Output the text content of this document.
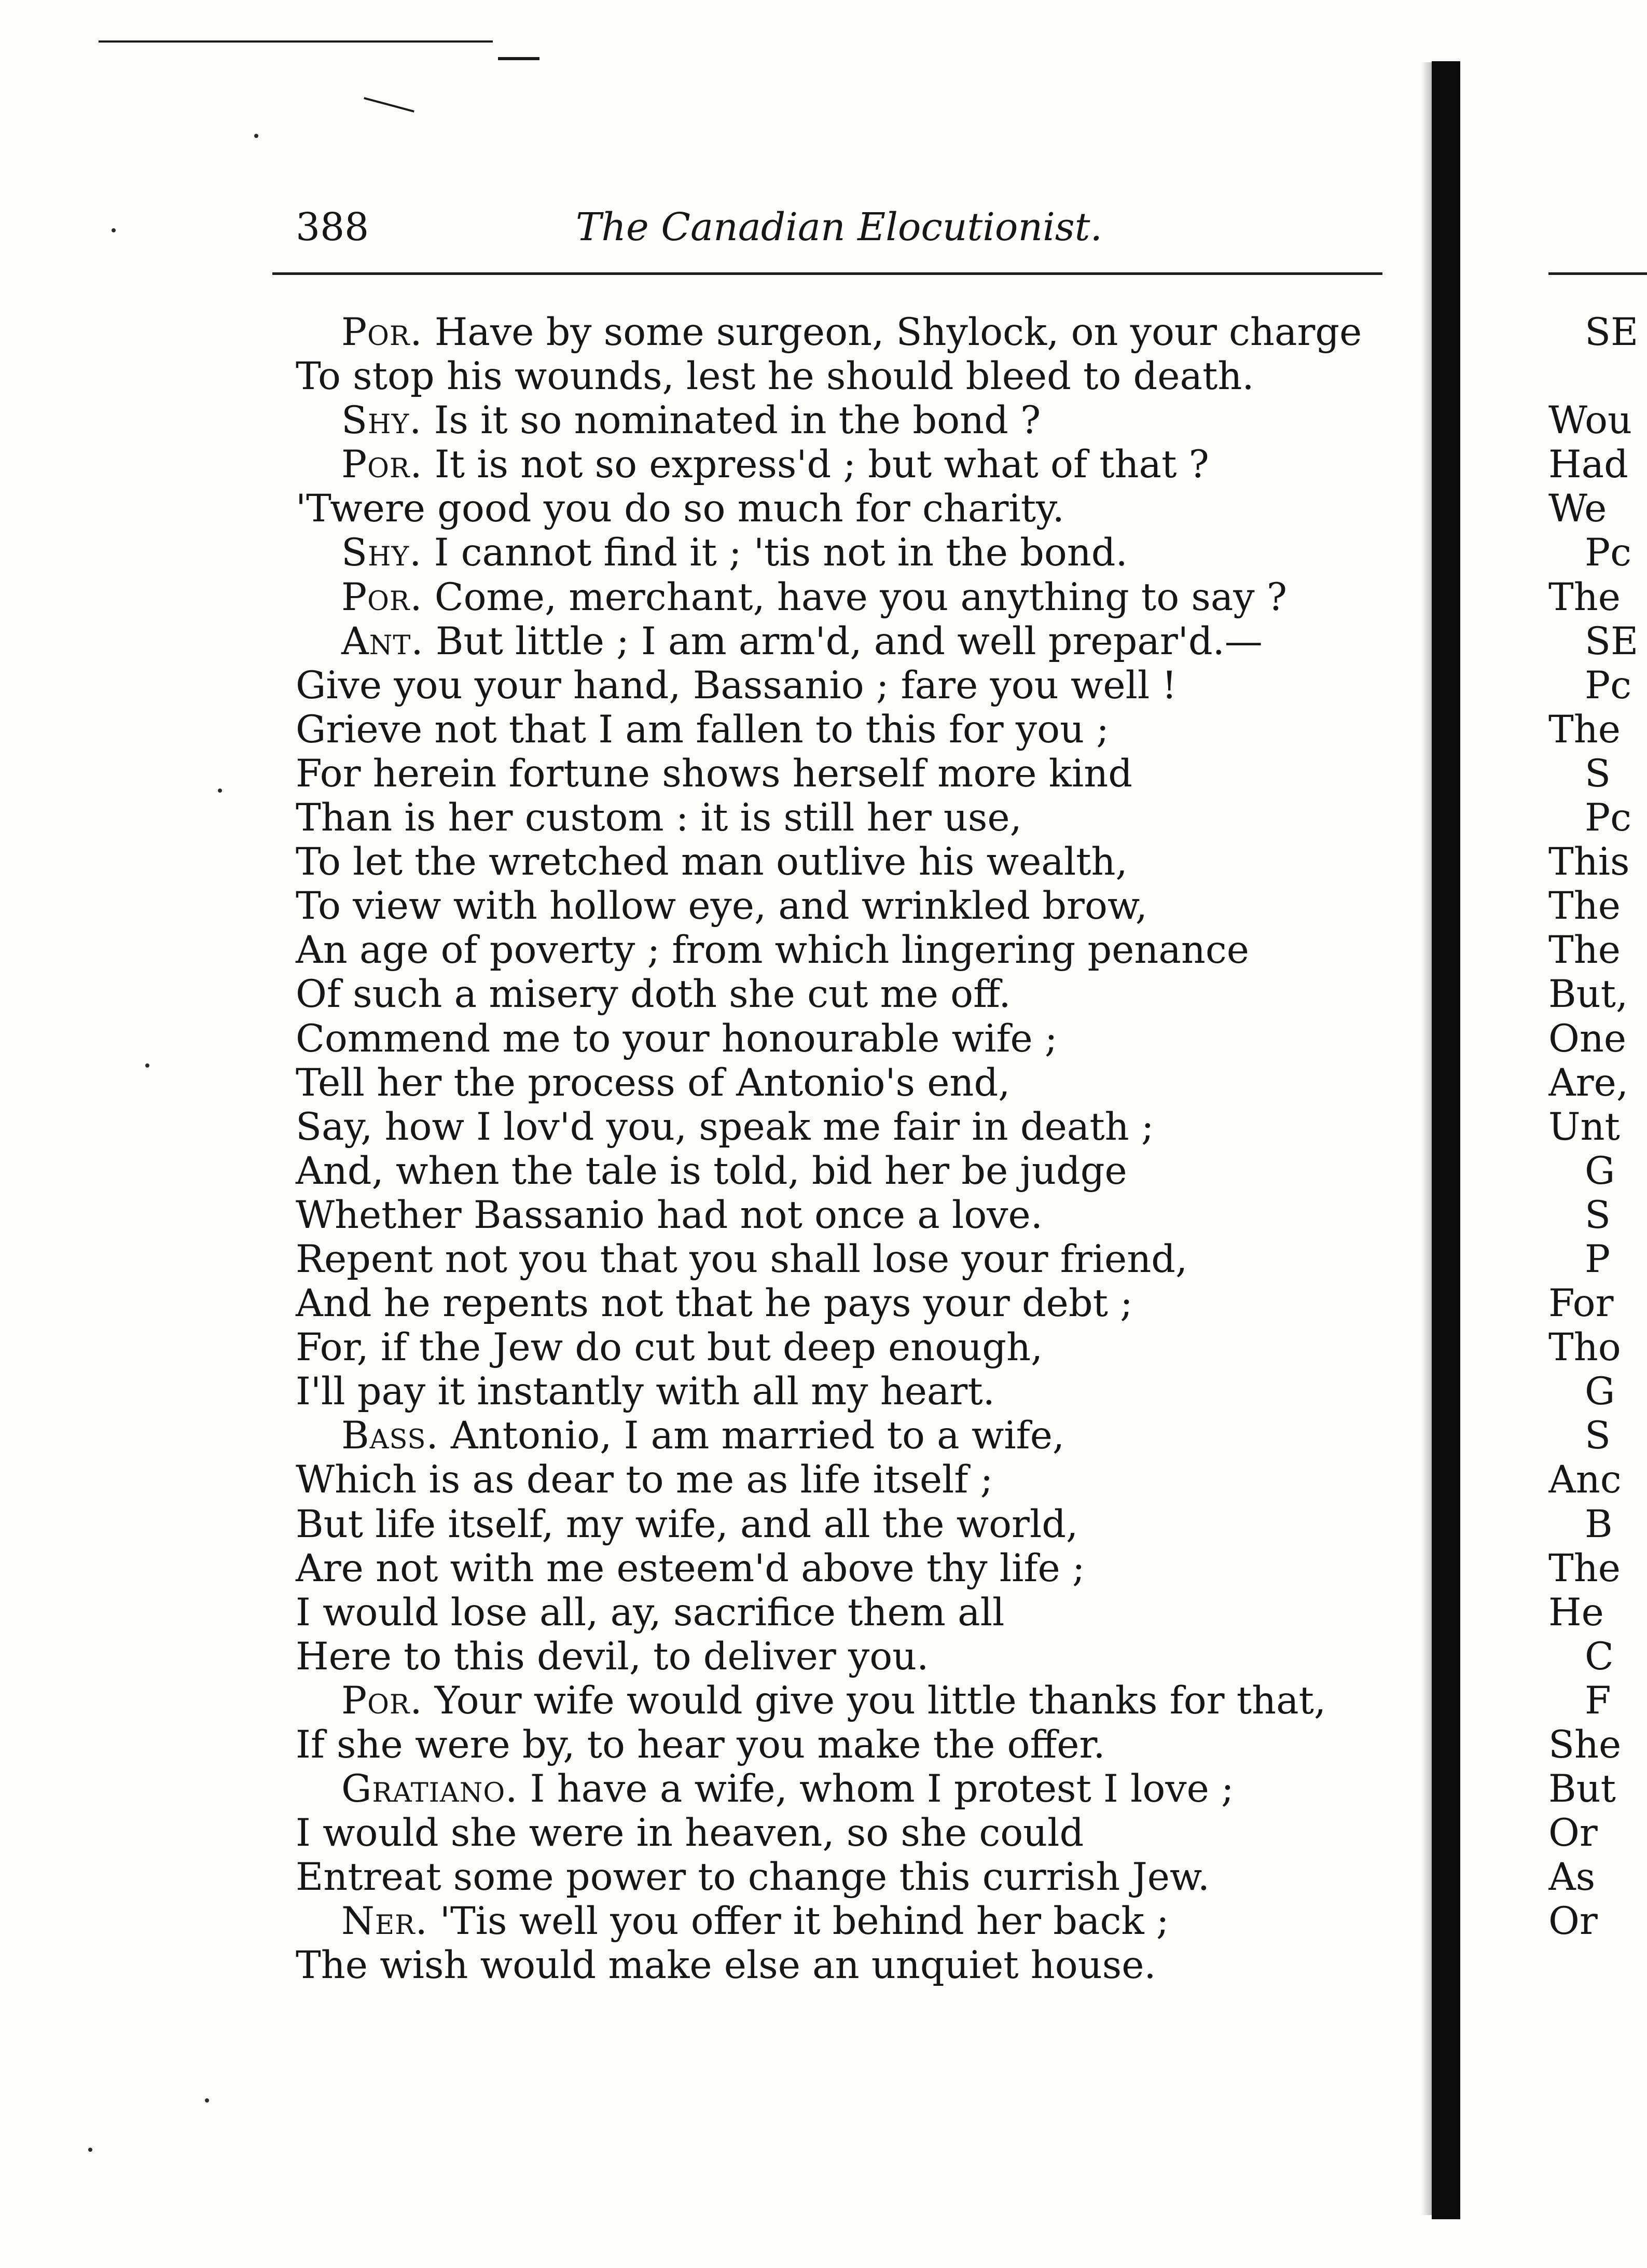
388	The Canadian Elocutionist.
Por. Have by some surgeon, Shylock, on your charge
To stop his wounds, lest he should bleed to death.
Shy. Is it so nominated in the bond ?
Por. It is not so express'd ; but what of that ?
'Twere good you do so much for charity.
Shy. I cannot find it ; 'tis not in the bond.
Por. Come, merchant, have you anything to say ?
Ant. But little ; I am arm'd, and well prepar'd.—
Give you your hand, Bassanio ; fare you well !
Grieve not that I am fallen to this for you ;
For herein fortune shows herself more kind
Than is her custom : it is still her use,
To let the wretched man outlive his wealth,
To view with hollow eye, and wrinkled brow,
An age of poverty ; from which lingering penance
Of such a misery doth she cut me off.
Commend me to your honourable wife ;
Tell her the process of Antonio's end,
Say, how I lov'd you, speak me fair in death ;
And, when the tale is told, bid her be judge
Whether Bassanio had not once a love.
Repent not you that you shall lose your friend,
And he repents not that he pays your debt ;
For, if the Jew do cut but deep enough,
I'll pay it instantly with all my heart.
Bass. Antonio, I am married to a wife,
Which is as dear to me as life itself ;
But life itself, my wife, and all the world,
Are not with me esteem'd above thy life ;
I would lose all, ay, sacrifice them all
Here to this devil, to deliver you.
Por. Your wife would give you little thanks for that,
If she were by, to hear you make the offer.
Gratiano. I have a wife, whom I protest I love ;
I would she were in heaven, so she could
Entreat some power to change this currish Jew.
Ner. 'Tis well you offer it behind her back ;
The wish would make else an unquiet house.
SE
Wou
Had
We
Pc
The
SE
Pc
The
S
Pc
This
The
The
But,
One
Are,
Unt
G
S
P
For
Tho
G
S
Anc
B
The
He
C
F
She
But
Or
As
Or
